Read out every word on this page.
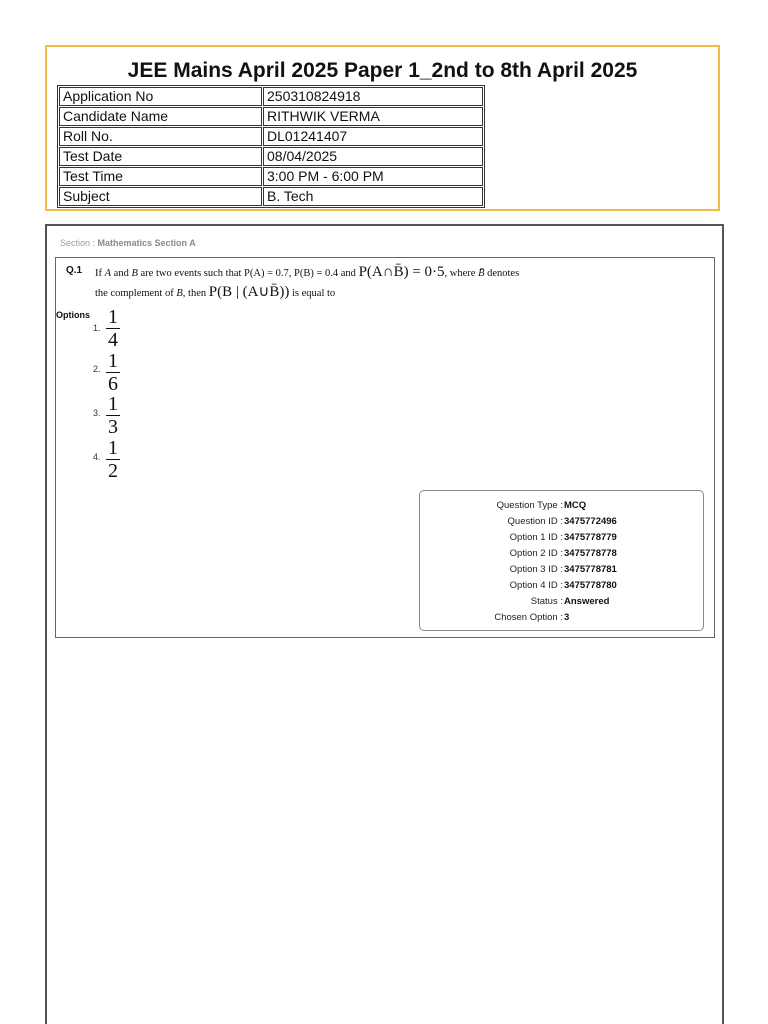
JEE Mains April 2025 Paper 1_2nd to 8th April 2025
Application No	250310824918
Candidate Name	RITHWIK VERMA
Roll No.	DL01241407
Test Date	08/04/2025
Test Time	3:00 PM - 6:00 PM
Subject	B. Tech
Section : Mathematics Section A
Q.1 If A and B are two events such that P(A) = 0.7, P(B) = 0.4 and P(A∩B̄) = 0·5, where B̄ denotes
the complement of B, then P(B | (A∪B̄)) is equal to
Options
1. 1
4
2. 1
6
3. 1
3
4. 1
2
Question Type : MCQ
Question ID : 3475772496
Option 1 ID : 3475778779
Option 2 ID : 3475778778
Option 3 ID : 3475778781
Option 4 ID : 3475778780
Status : Answered
Chosen Option : 3
